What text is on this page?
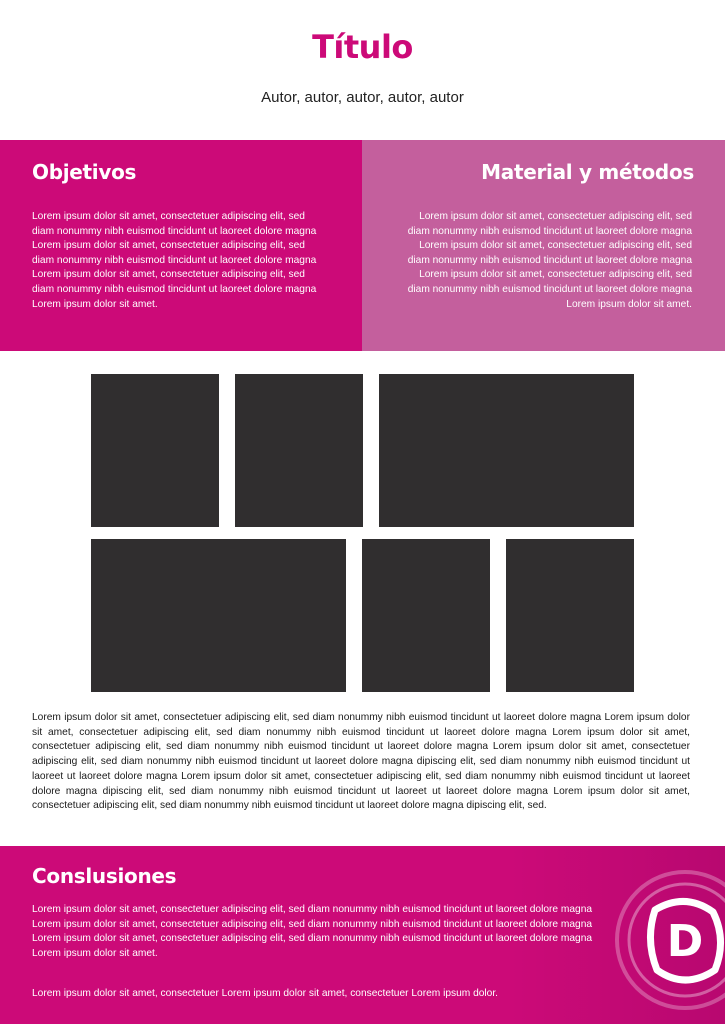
Título
Autor, autor, autor, autor, autor
Objetivos

Lorem ipsum dolor sit amet, consectetuer adipiscing elit, sed diam nonummy nibh euismod tincidunt ut laoreet dolore magna Lorem ipsum dolor sit amet, consectetuer adipiscing elit, sed diam nonummy nibh euismod tincidunt ut laoreet dolore magna Lorem ipsum dolor sit amet, consectetuer adipiscing elit, sed diam nonummy nibh euismod tincidunt ut laoreet dolore magna Lorem ipsum dolor sit amet.

Material y métodos

Lorem ipsum dolor sit amet, consectetuer adipiscing elit, sed diam nonummy nibh euismod tincidunt ut laoreet dolore magna Lorem ipsum dolor sit amet, consectetuer adipiscing elit, sed diam nonummy nibh euismod tincidunt ut laoreet dolore magna Lorem ipsum dolor sit amet, consectetuer adipiscing elit, sed diam nonummy nibh euismod tincidunt ut laoreet dolore magna Lorem ipsum dolor sit amet.

Lorem ipsum dolor sit amet, consectetuer adipiscing elit, sed diam nonummy nibh euismod tincidunt ut laoreet dolore magna Lorem ipsum dolor sit amet, consectetuer adipiscing elit, sed diam nonummy nibh euismod tincidunt ut laoreet dolore magna Lorem ipsum dolor sit amet, consectetuer adipiscing elit, sed diam nonummy nibh euismod tincidunt ut laoreet dolore magna Lorem ipsum dolor sit amet, consectetuer adipiscing elit, sed diam nonummy nibh euismod tincidunt ut laoreet dolore magna dipiscing elit, sed diam nonummy nibh euismod tincidunt ut laoreet ut laoreet dolore magna Lorem ipsum dolor sit amet, consectetuer adipiscing elit, sed diam nonummy nibh euismod tincidunt ut laoreet dolore magna dipiscing elit, sed diam nonummy nibh euismod tincidunt ut laoreet ut laoreet dolore magna Lorem ipsum dolor sit amet, consectetuer adipiscing elit, sed diam nonummy nibh euismod tincidunt ut laoreet dolore magna dipiscing elit, sed.

Conslusiones

Lorem ipsum dolor sit amet, consectetuer adipiscing elit, sed diam nonummy nibh euismod tincidunt ut laoreet dolore magna Lorem ipsum dolor sit amet, consectetuer adipiscing elit, sed diam nonummy nibh euismod tincidunt ut laoreet dolore magna Lorem ipsum dolor sit amet, consectetuer adipiscing elit, sed diam nonummy nibh euismod tincidunt ut laoreet dolore magna Lorem ipsum dolor sit amet.

Lorem ipsum dolor sit amet, consectetuer Lorem ipsum dolor sit amet, consectetuer Lorem ipsum dolor.

D
